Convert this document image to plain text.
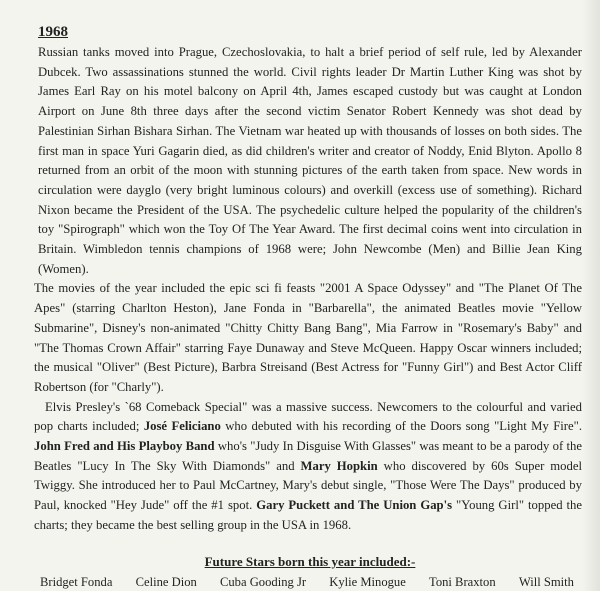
1968

Russian tanks moved into Prague, Czechoslovakia, to halt a brief period of self rule, led by Alexander Dubcek. Two assassinations stunned the world. Civil rights leader Dr Martin Luther King was shot by James Earl Ray on his motel balcony on April 4th, James escaped custody but was caught at London Airport on June 8th three days after the second victim Senator Robert Kennedy was shot dead by Palestinian Sirhan Bishara Sirhan. The Vietnam war heated up with thousands of losses on both sides. The first man in space Yuri Gagarin died, as did children's writer and creator of Noddy, Enid Blyton. Apollo 8 returned from an orbit of the moon with stunning pictures of the earth taken from space. New words in circulation were dayglo (very bright luminous colours) and overkill (excess use of something). Richard Nixon became the President of the USA. The psychedelic culture helped the popularity of the children's toy "Spirograph" which won the Toy Of The Year Award. The first decimal coins went into circulation in Britain. Wimbledon tennis champions of 1968 were; John Newcombe (Men) and Billie Jean King (Women).

The movies of the year included the epic sci fi feasts "2001 A Space Odyssey" and "The Planet Of The Apes" (starring Charlton Heston), Jane Fonda in "Barbarella", the animated Beatles movie "Yellow Submarine", Disney's non-animated "Chitty Chitty Bang Bang", Mia Farrow in "Rosemary's Baby" and "The Thomas Crown Affair" starring Faye Dunaway and Steve McQueen. Happy Oscar winners included; the musical "Oliver" (Best Picture), Barbra Streisand (Best Actress for "Funny Girl") and Best Actor Cliff Robertson (for "Charly").

Elvis Presley's `68 Comeback Special" was a massive success. Newcomers to the colourful and varied pop charts included; José Feliciano who debuted with his recording of the Doors song "Light My Fire". John Fred and His Playboy Band who's "Judy In Disguise With Glasses" was meant to be a parody of the Beatles "Lucy In The Sky With Diamonds" and Mary Hopkin who discovered by 60s Super model Twiggy. She introduced her to Paul McCartney, Mary's debut single, "Those Were The Days" produced by Paul, knocked "Hey Jude" off the #1 spot. Gary Puckett and The Union Gap's "Young Girl" topped the charts; they became the best selling group in the USA in 1968.

Future Stars born this year included:-
Bridget Fonda Celine Dion Cuba Gooding Jr Kylie Minogue Toni Braxton Will Smith
